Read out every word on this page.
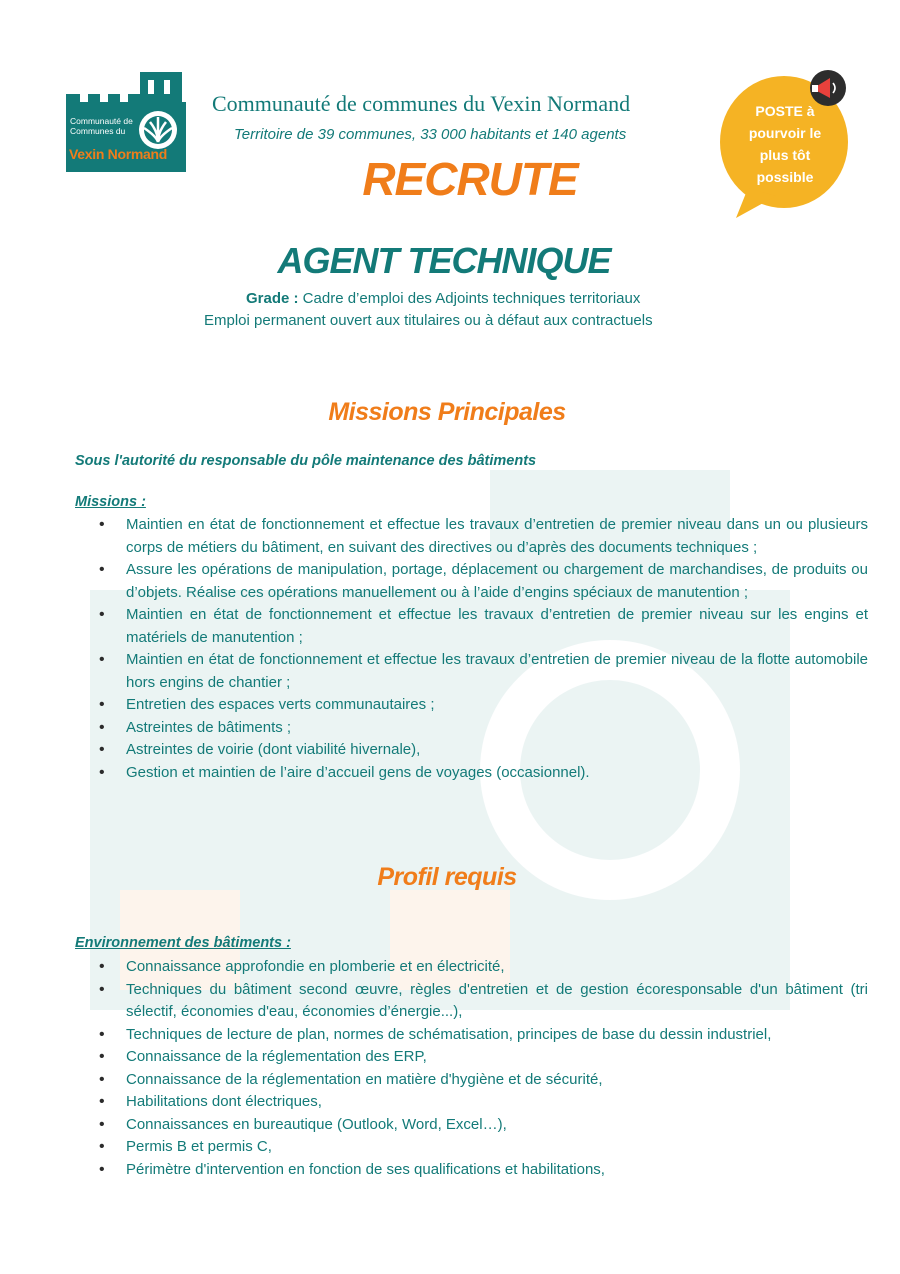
Communauté de
Communes du
Vexin Normand
Communauté de communes du Vexin Normand
Territoire de 39 communes, 33 000 habitants et 140 agents
RECRUTE
POSTE à
pourvoir le
plus tôt
possible
AGENT TECHNIQUE
Grade : Cadre d’emploi des Adjoints techniques territoriaux
Emploi permanent ouvert aux titulaires ou à défaut aux contractuels
Missions Principales
Sous l'autorité du responsable du pôle maintenance des bâtiments
Missions :
• Maintien en état de fonctionnement et effectue les travaux d’entretien de premier niveau dans un ou plusieurs corps de métiers du bâtiment, en suivant des directives ou d’après des documents techniques ;
• Assure les opérations de manipulation, portage, déplacement ou chargement de marchandises, de produits ou d’objets. Réalise ces opérations manuellement ou à l’aide d’engins spéciaux de manutention ;
• Maintien en état de fonctionnement et effectue les travaux d’entretien de premier niveau sur les engins et matériels de manutention ;
• Maintien en état de fonctionnement et effectue les travaux d’entretien de premier niveau de la flotte automobile hors engins de chantier ;
• Entretien des espaces verts communautaires ;
• Astreintes de bâtiments ;
• Astreintes de voirie (dont viabilité hivernale),
• Gestion et maintien de l’aire d’accueil gens de voyages (occasionnel).
Profil requis
Environnement des bâtiments :
• Connaissance approfondie en plomberie et en électricité,
• Techniques du bâtiment second œuvre, règles d'entretien et de gestion écoresponsable d'un bâtiment (tri sélectif, économies d'eau, économies d’énergie...),
• Techniques de lecture de plan, normes de schématisation, principes de base du dessin industriel,
• Connaissance de la réglementation des ERP,
• Connaissance de la réglementation en matière d'hygiène et de sécurité,
• Habilitations dont électriques,
• Connaissances en bureautique (Outlook, Word, Excel…),
• Permis B et permis C,
• Périmètre d'intervention en fonction de ses qualifications et habilitations,
